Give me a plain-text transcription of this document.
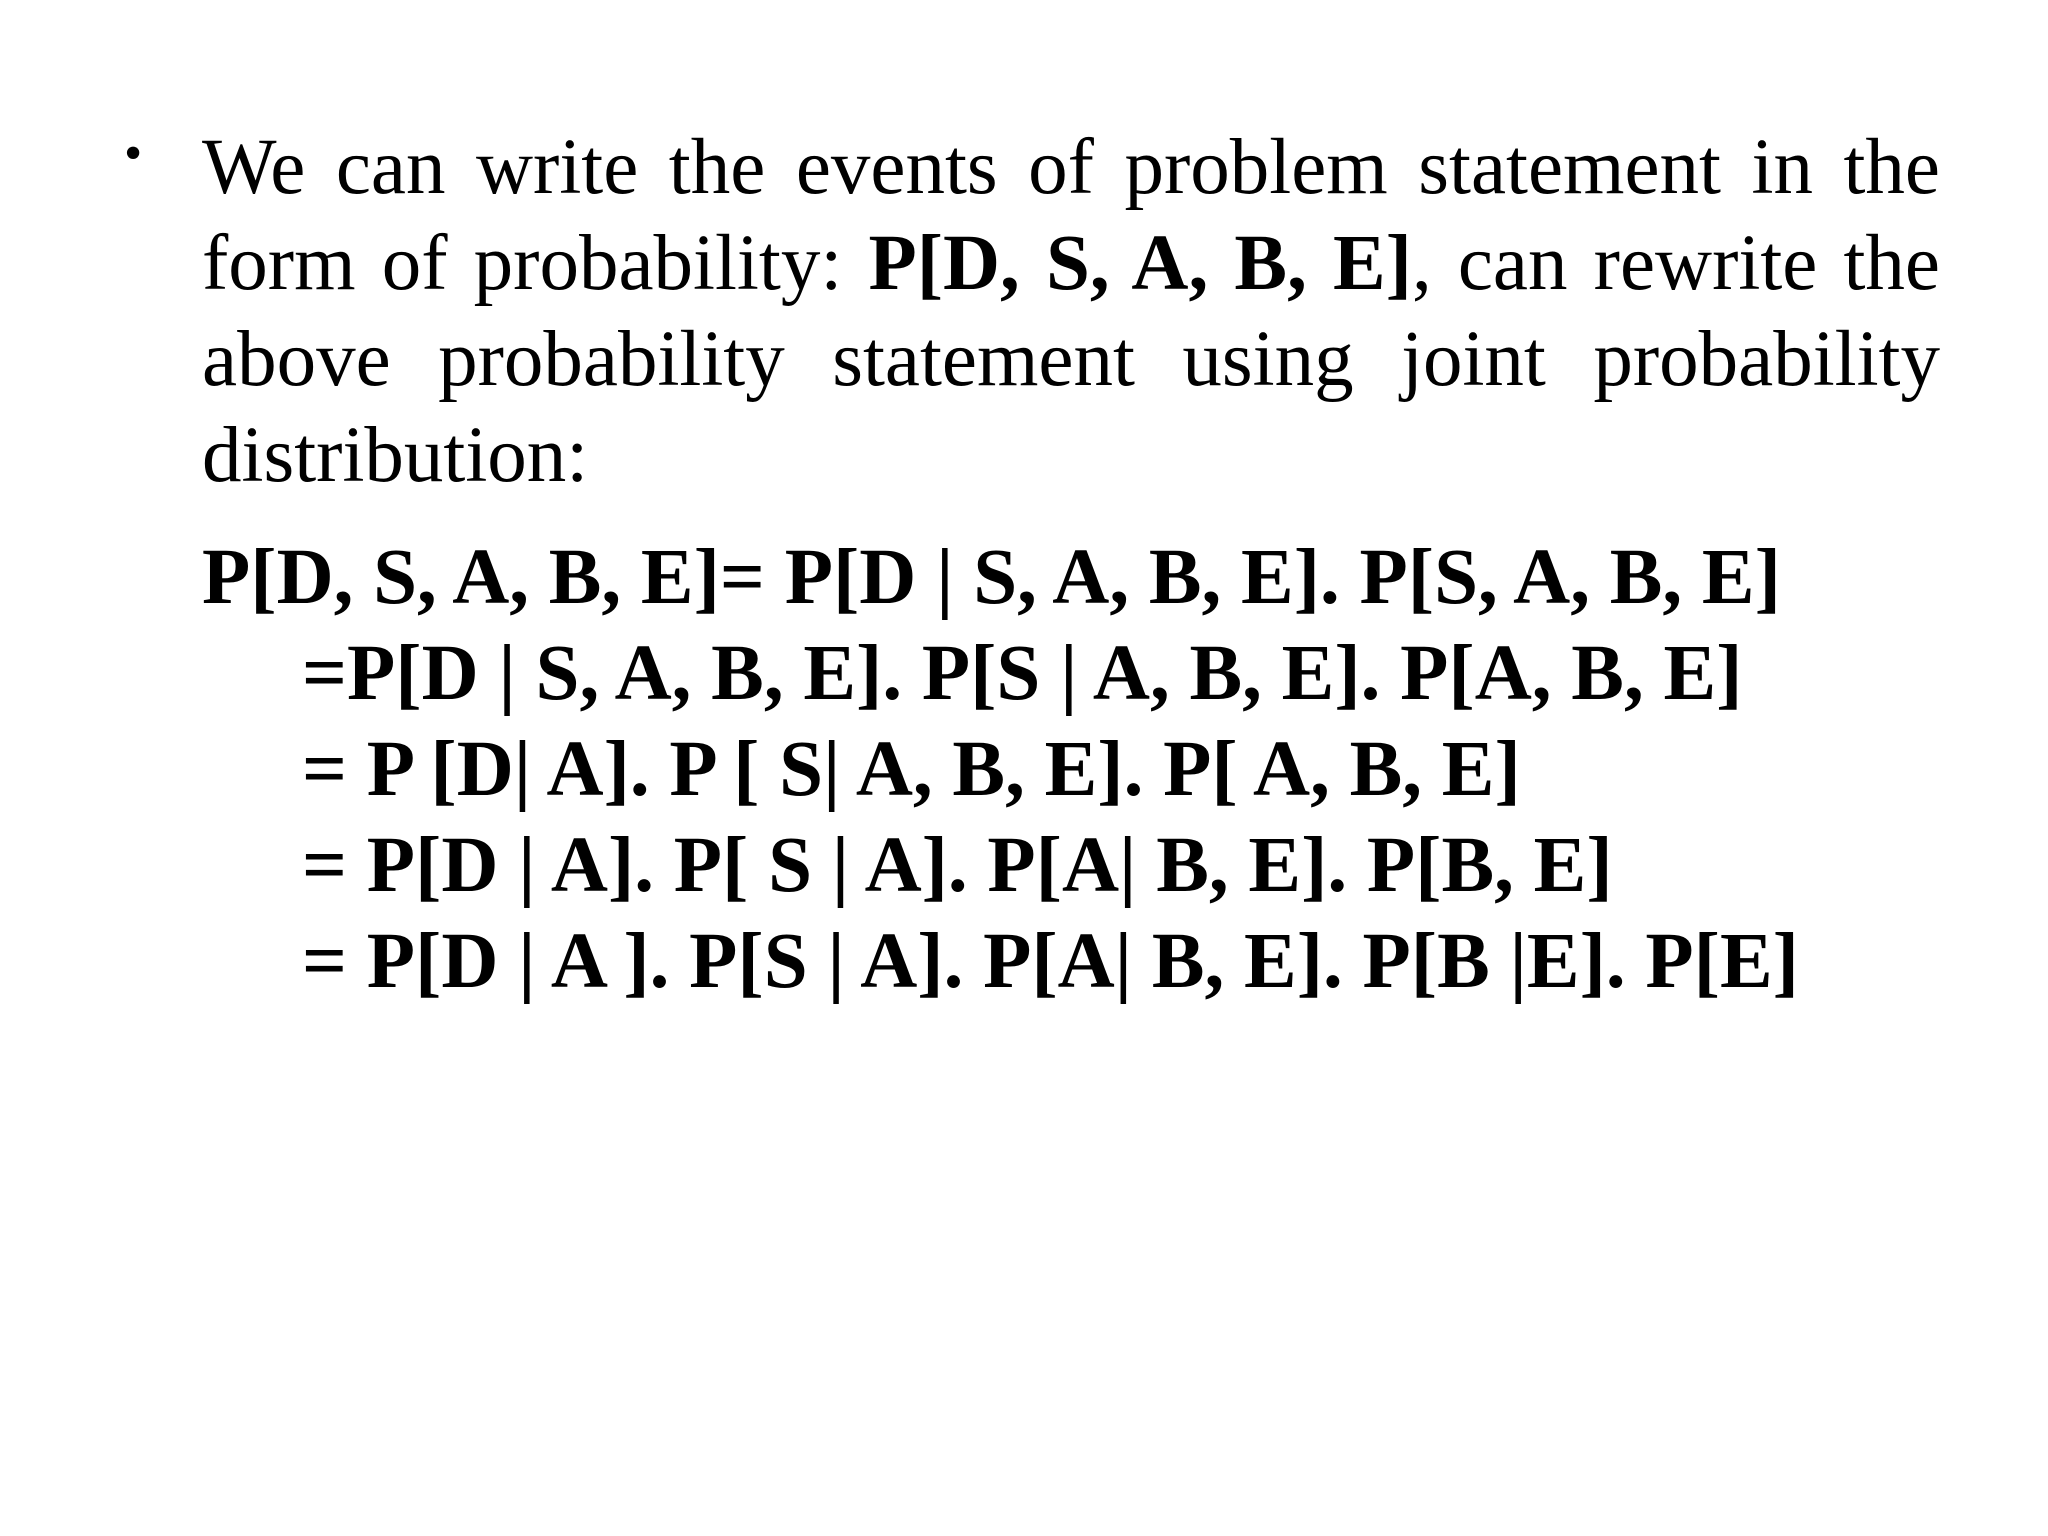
• We can write the events of problem statement in the form of probability: P[D, S, A, B, E], can rewrite the above probability statement using joint probability distribution:
P[D, S, A, B, E]= P[D | S, A, B, E]. P[S, A, B, E]
=P[D | S, A, B, E]. P[S | A, B, E]. P[A, B, E]
= P [D| A]. P [ S| A, B, E]. P[ A, B, E]
= P[D | A]. P[ S | A]. P[A| B, E]. P[B, E]
= P[D | A ]. P[S | A]. P[A| B, E]. P[B |E]. P[E]
